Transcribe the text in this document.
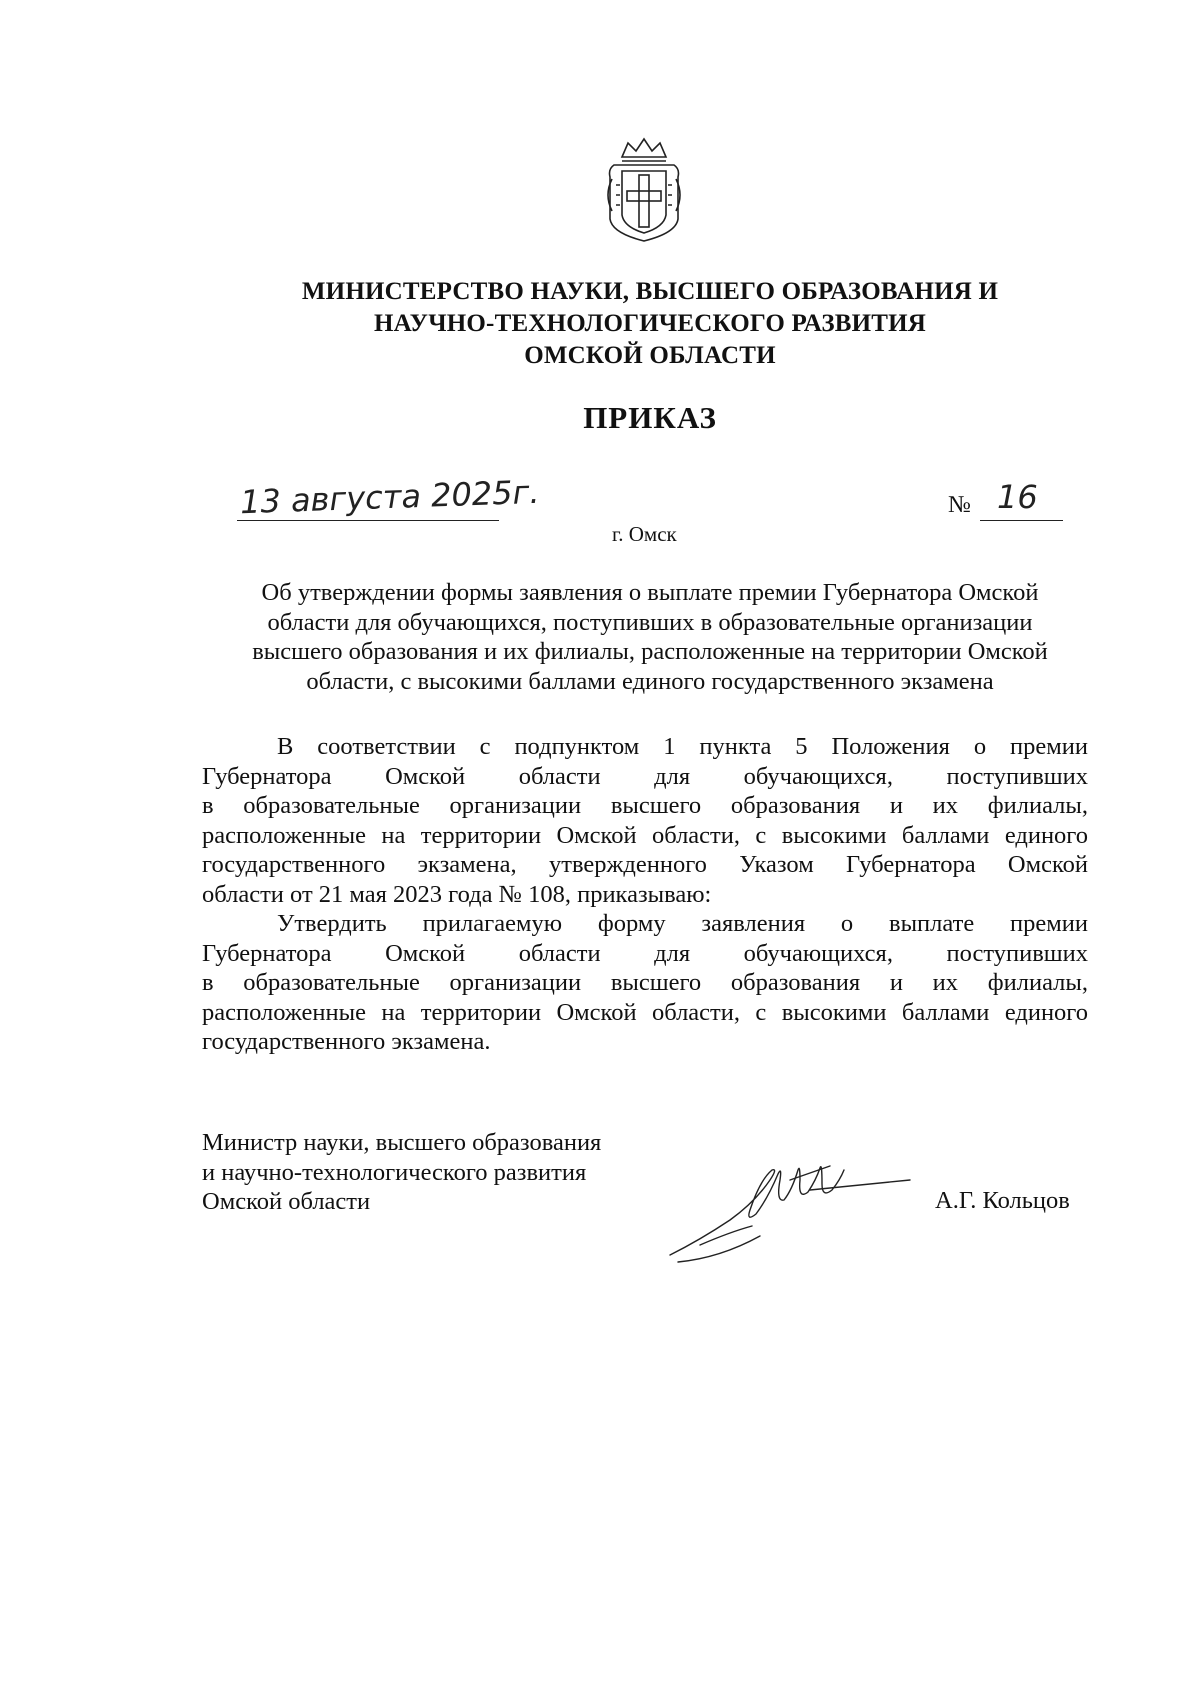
МИНИСТЕРСТВО НАУКИ, ВЫСШЕГО ОБРАЗОВАНИЯ И
НАУЧНО-ТЕХНОЛОГИЧЕСКОГО РАЗВИТИЯ
ОМСКОЙ ОБЛАСТИ
ПРИКАЗ
13 августа 2025г.	№ 16
г. Омск
Об утверждении формы заявления о выплате премии Губернатора Омской
области для обучающихся, поступивших в образовательные организации
высшего образования и их филиалы, расположенные на территории Омской
области, с высокими баллами единого государственного экзамена
В соответствии с подпунктом 1 пункта 5 Положения о премии
Губернатора Омской области для обучающихся, поступивших
в образовательные организации высшего образования и их филиалы,
расположенные на территории Омской области, с высокими баллами единого
государственного экзамена, утвержденного Указом Губернатора Омской
области от 21 мая 2023 года № 108, приказываю:
Утвердить прилагаемую форму заявления о выплате премии
Губернатора Омской области для обучающихся, поступивших
в образовательные организации высшего образования и их филиалы,
расположенные на территории Омской области, с высокими баллами единого
государственного экзамена.
Министр науки, высшего образования
и научно-технологического развития
Омской области	А.Г. Кольцов
